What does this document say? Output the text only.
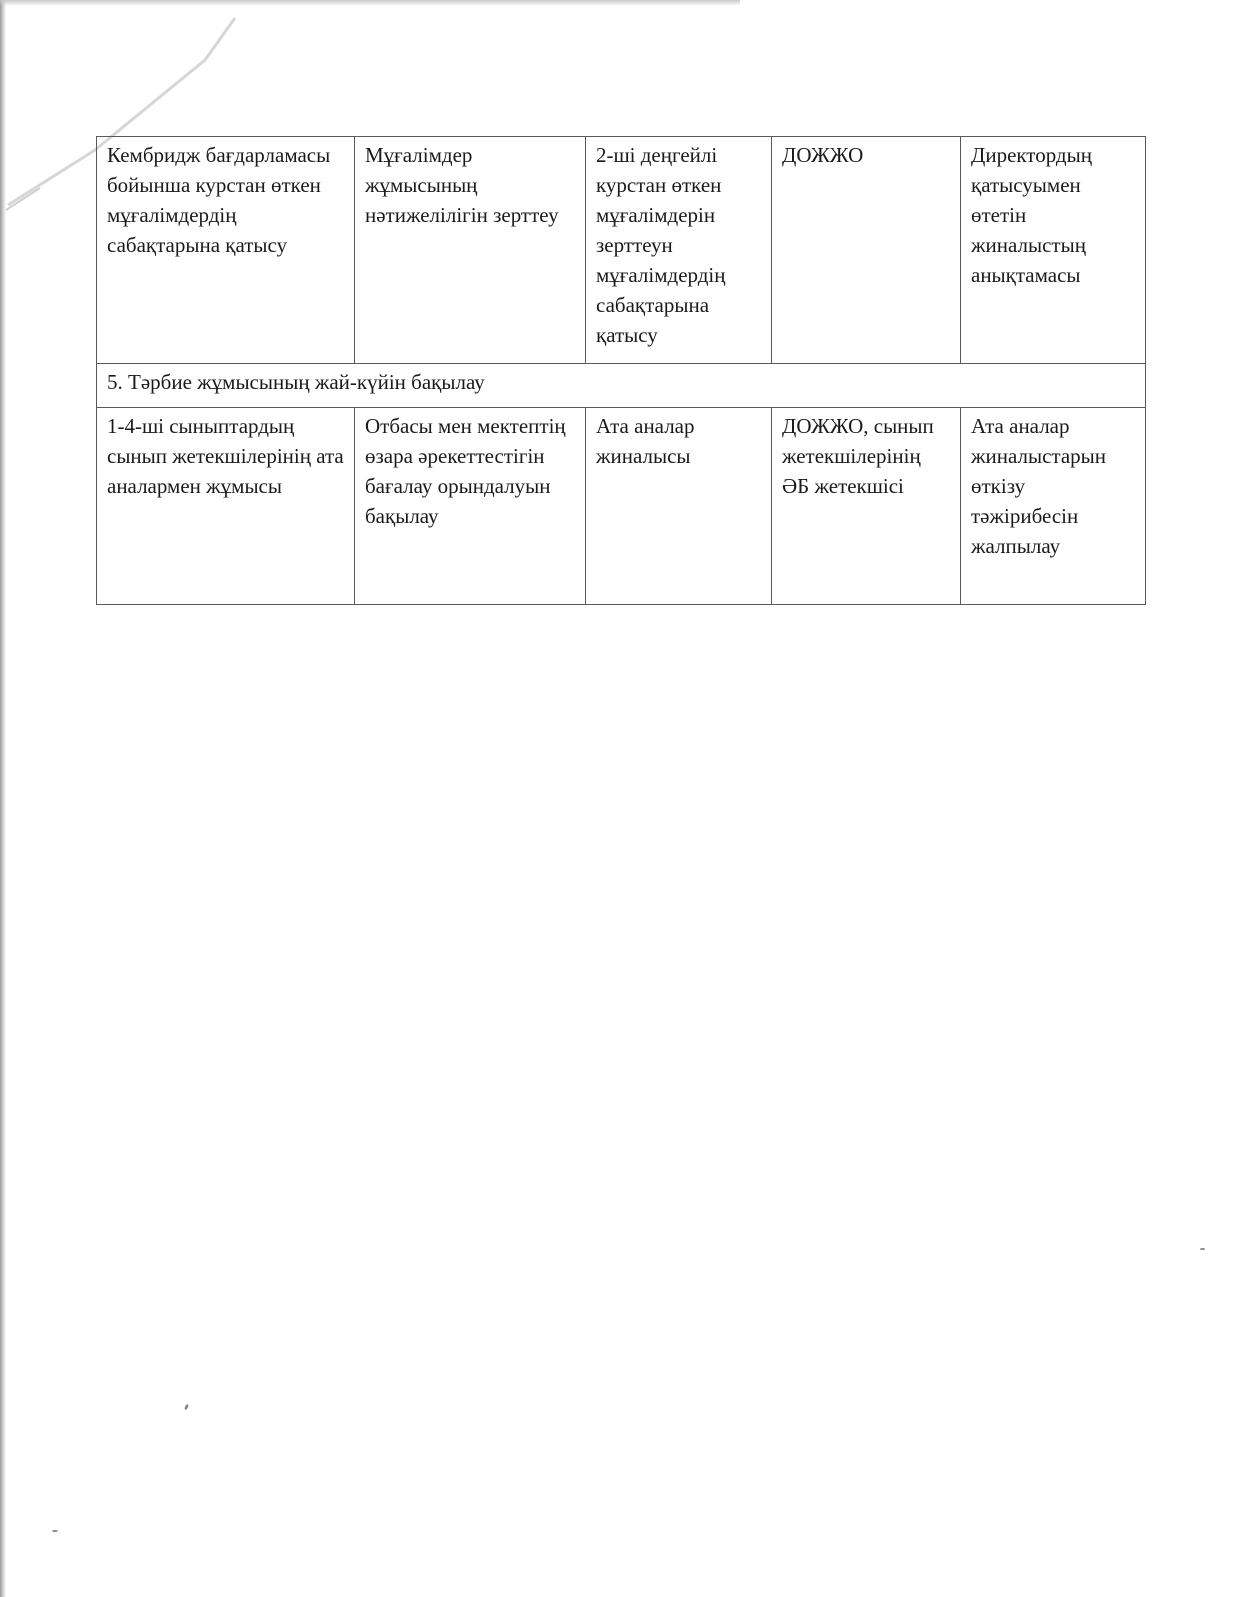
Кембридж бағдарламасы бойынша курстан өткен мұғалімдердің сабақтарына қатысу	Мұғалімдер жұмысының нәтижелілігін зерттеу	2-ші деңгейлі курстан өткен мұғалімдерін зерттеун мұғалімдердің сабақтарына қатысу	ДОЖЖО	Директордың қатысуымен өтетін жиналыстың анықтамасы
5. Тәрбие жұмысының жай-күйін бақылау				
1-4-ші сыныптардың сынып жетекшілерінің ата аналармен жұмысы	Отбасы мен мектептің өзара әрекеттестігін бағалау орындалуын бақылау	Ата аналар жиналысы	ДОЖЖО, сынып жетекшілерінің ӘБ жетекшісі	Ата аналар жиналыстарын өткізу тәжірибесін жалпылау
